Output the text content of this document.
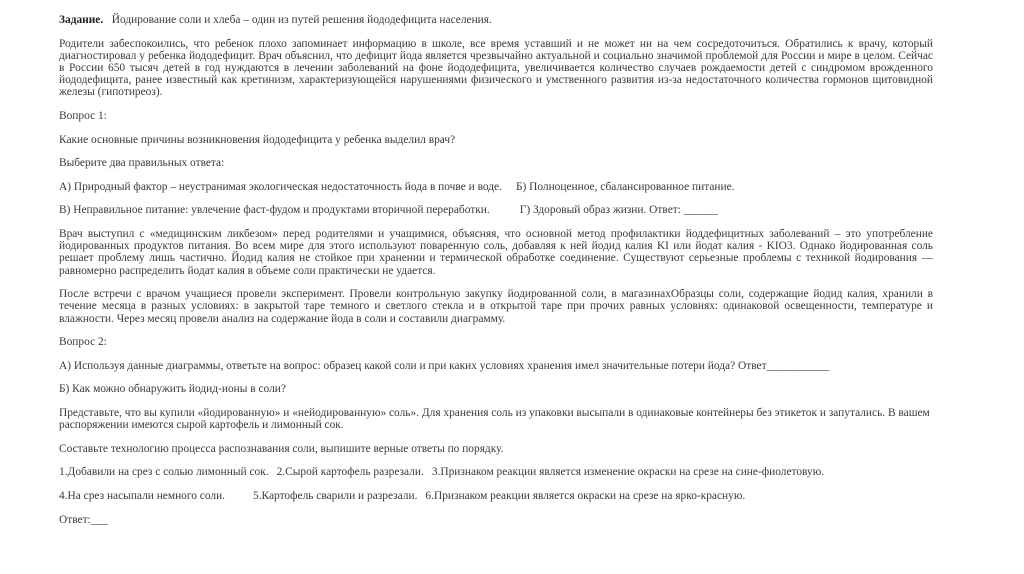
Задание. Йодирование соли и хлеба – один из путей решения йододефицита населения.

Родители забеспокоились, что ребенок плохо запоминает информацию в школе, все время уставший и не может ни на чем сосредоточиться. Обратились к врачу, который диагностировал у ребенка йододефицит. Врач объяснил, что дефицит йода является чрезвычайно актуальной и социально значимой проблемой для России и мире в целом. Сейчас в России 650 тысяч детей в год нуждаются в лечении заболеваний на фоне йододефицита, увеличивается количество случаев рождаемости детей с синдромом врожденного йододефицита, ранее известный как кретинизм, характеризующейся нарушениями физического и умственного развития из-за недостаточного количества гормонов щитовидной железы (гипотиреоз).

Вопрос 1:

Какие основные причины возникновения йододефицита у ребенка выделил врач?

Выберите два правильных ответа:

А) Природный фактор – неустранимая экологическая недостаточность йода в почве и воде. Б) Полноценное, сбалансированное питание.

В) Неправильное питание: увлечение фаст-фудом и продуктами вторичной переработки.	Г) Здоровый образ жизни. Ответ: ______

Врач выступил с «медицинским ликбезом» перед родителями и учащимися, объясняя, что основной метод профилактики йоддефицитных заболеваний – это употребление йодированных продуктов питания. Во всем мире для этого используют поваренную соль, добавляя к ней йодид калия KI или йодат калия - KIO3. Однако йодированная соль решает проблему лишь частично. Йодид калия не стойкое при хранении и термической обработке соединение. Существуют серьезные проблемы с техникой йодирования — равномерно распределить йодат калия в объеме соли практически не удается.

После встречи с врачом учащиеся провели эксперимент. Провели контрольную закупку йодированной соли, в магазинахОбразцы соли, содержащие йодид калия, хранили в течение месяца в разных условиях: в закрытой таре темного и светлого стекла и в открытой таре при прочих равных условиях: одинаковой освещенности, температуре и влажности. Через месяц провели анализ на содержание йода в соли и составили диаграмму.

Вопрос 2:

А) Используя данные диаграммы, ответьте на вопрос: образец какой соли и при каких условиях хранения имел значительные потери йода? Ответ___________

Б) Как можно обнаружить йодид-ионы в соли?

Представьте, что вы купили «йодированную» и «нейодированную» соль». Для хранения соль из упаковки высыпали в одинаковые контейнеры без этикеток и запутались. В вашем распоряжении имеются сырой картофель и лимонный сок.

Составьте технологию процесса распознавания соли, выпишите верные ответы по порядку.

1.Добавили на срез с солью лимонный сок. 2.Сырой картофель разрезали. 3.Признаком реакции является изменение окраски на срезе на сине-фиолетовую.

4.На срез насыпали немного соли. 5.Картофель сварили и разрезали. 6.Признаком реакции является окраски на срезе на ярко-красную.

Ответ:___
